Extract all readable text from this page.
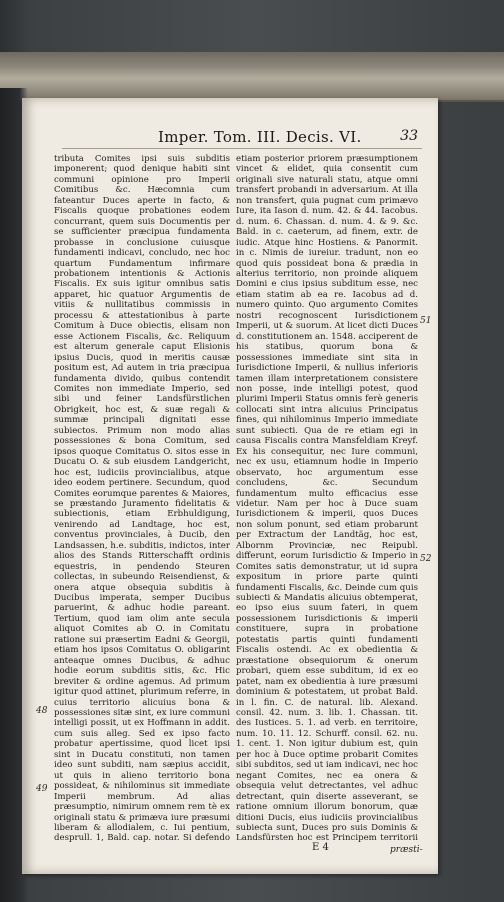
Imper. Tom. III. Decis. VI.	33
48
49
51
52

tributa Comites ipsi suis subditis imponerent; quod denique habiti sint communi opinione pro Imperii Comitibus &c. Hæcomnia cum fateantur Duces aperte in facto, & Fiscalis quoque probationes eodem concurrant, quem suis Documentis per se sufficienter præcipua fundamenta probasse in conclusione cuiusque fundamenti indicavi, concludo, nec hoc quartum Fundamentum infirmare probationem intentionis & Actionis Fiscalis. Ex suis igitur omnibus satis apparet, hic quatuor Argumentis de vitiis & nullitatibus commissis in processu & attestationibus à parte Comitum à Duce obiectis, elisam non esse Actionem Fiscalis, &c. Reliquum est alterum generale caput Elisionis ipsius Ducis, quod in meritis causæ positum est, Ad autem in tria præcipua fundamenta divido, quibus contendit Comites non immediate Imperio, sed sibi und feiner Landsfürstlichen Obrigkeit, hoc est, & suæ regali & summæ principali dignitati esse subiectos. Primum non modo alias possessiones & bona Comitum, sed ipsos quoque Comitatus O. sitos esse in Ducatu O. & sub eiusdem Landgericht, hoc est, iudiciis provincialibus, atque ideo eodem pertinere. Secundum, quod Comites eorumque parentes & Maiores, se præstando Juramento fidelitatis & subiectionis, etiam Erbhuldigung, venirendo ad Landtage, hoc est, conventus provinciales, à Ducib, den Landsassen, h.e. subditis, indictos, inter alios des Stands Ritterschafft ordinis equestris, in pendendo Steuren collectas, in subeundo Reisendienst, & onera atque obsequia subditis à Ducibus imperata, semper Ducibus paruerint, & adhuc hodie pareant. Tertium, quod iam olim ante secula aliquot Comites ab O. in Comitatu ratione sui præsertim Eadni & Georgii, etiam hos ipsos Comitatus O. obligarint anteaque omnes Ducibus, & adhuc hodie eorum subditis sitis, &c. Hic breviter & ordine agemus. Ad primum igitur quod attinet, plurimum referre, in cuius territorio alicuius bona & possessiones sitæ sint, ex iure communi intelligi possit, ut ex Hoffmann in addit. cum suis alleg. Sed ex ipso facto probatur apertissime, quod licet ipsi sint in Ducatu constituti, non tamen ideo sunt subditi, nam sæpius accidit, ut quis in alieno territorio bona possideat, & nihilominus sit immediate Imperii membrum. Ad alias præsumptio, nimirum omnem rem tè ex originali statu & primæva iure præsumi liberam & allodialem, c. Iui pentium, desprull. 1, Bald. cap. notar. Si defendo

etiam posterior priorem præsumptionem vincet & elidet, quia consentit cum originali sive naturali statu, atque omni transfert probandi in adversarium. At illa non transfert, quia pugnat cum primævo Iure, ita Iason d. num. 42. & 44. Iacobus. d. num. 6. Chassan. d. num. 4. & 9. &c. Bald. in c. caeterum, ad finem, extr. de iudic. Atque hinc Hostiens. & Panormit. in c. Nimis de iureiur. tradunt, non eo quod quis possideat bona & prædia in alterius territorio, non proinde aliquem Domini e cius ipsius subditum esse, nec etiam statim ab ea re. Iacobus ad d. numero quinto. Quo argumento Comites nostri recognoscent Iurisdictionem Imperii, ut & suorum. At licet dicti Duces d. constitutionem an. 1548. acciperent de his statibus, quorum bona & possessiones immediate sint sita in Iurisdictione Imperii, & nullius inferioris tamen illam interpretationem consistere non posse, inde intelligi potest, quod plurimi Imperii Status omnis ferè generis collocati sint intra alicuius Principatus fines, qui nihilominus Imperio immediate sunt subiecti. Qua de re etiam egi in causa Fiscalis contra Mansfeldiam Kreyf. Ex his consequitur, nec Iure communi, nec ex usu, etiamnum hodie in Imperio observato, hoc argumentum esse concludens, &c. Secundum fundamentum multo efficacius esse videtur. Nam per hoc à Duce suam Iurisdictionem & imperii, quos Duces non solum ponunt, sed etiam probarunt per Extractum der Landtäg, hoc est, Albornm Provinciæ, nec Reipubl. differunt, eorum Iurisdictio & Imperio in Comites satis demonstratur, ut id supra expositum in priore parte quinti fundamenti Fiscalis, &c. Deinde cum quis subiecti & Mandatis alicuius obtemperat, eo ipso eius suum fateri, in quem possessionem Iurisdictionis & imperii constituere, supra in probatione potestatis partis quinti fundamenti Fiscalis ostendi. Ac ex obedientia & præstatione obsequiorum & onerum probari, quem esse subditum, id ex eo patet, nam ex obedientia à iure præsumi dominium & potestatem, ut probat Bald. in l. fin. C. de natural. lib. Alexand. consil. 42. num. 3. lib. 1. Chassan. tit. des Iustices. 5. 1. ad verb. en territoire, num. 10. 11. 12. Schurff. consil. 62. nu. 1. cent. 1. Non igitur dubium est, quin per hoc à Duce optime probarit Comites sibi subditos, sed ut iam indicavi, nec hoc negant Comites, nec ea onera & obsequia velut detrectantes, vel adhuc detrectant, quin diserte asseverant, se ratione omnium illorum bonorum, quæ ditioni Ducis, eius iudiciis provincialibus subiecta sunt, Duces pro suis Dominis & Landsfürsten hoc est Principem territorii

E 4	præsti-
